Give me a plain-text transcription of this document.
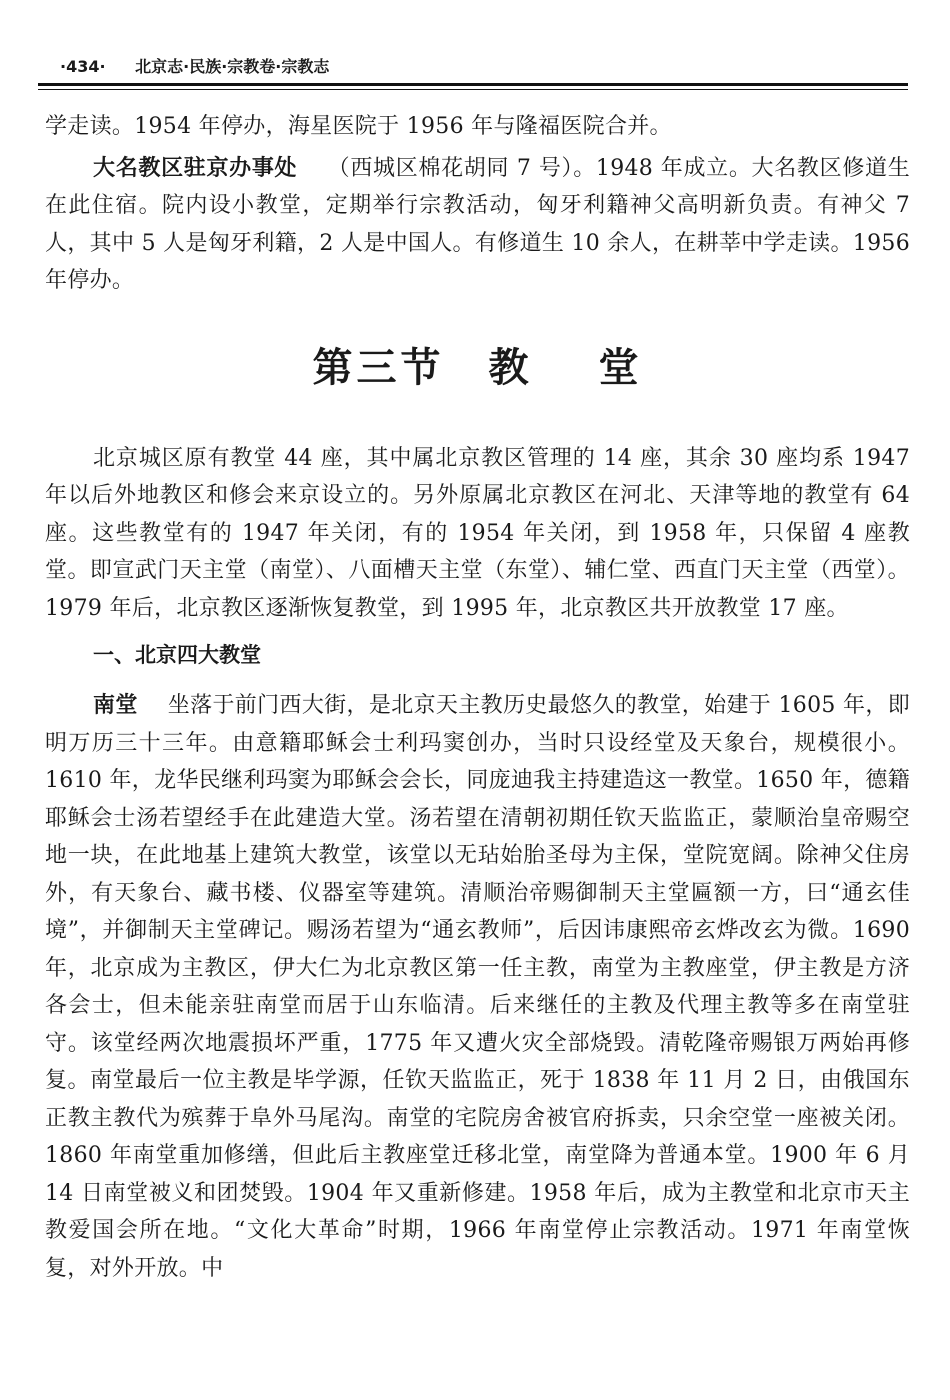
·434· 北京志·民族·宗教卷·宗教志

学走读。1954 年停办，海星医院于 1956 年与隆福医院合并。

大名教区驻京办事处 （西城区棉花胡同 7 号）。1948 年成立。大名教区修道生在此住宿。院内设小教堂，定期举行宗教活动，匈牙利籍神父高明新负责。有神父 7 人，其中 5 人是匈牙利籍，2 人是中国人。有修道生 10 余人，在耕莘中学走读。1956 年停办。

第三节 教 堂

北京城区原有教堂 44 座，其中属北京教区管理的 14 座，其余 30 座均系 1947 年以后外地教区和修会来京设立的。另外原属北京教区在河北、天津等地的教堂有 64 座。这些教堂有的 1947 年关闭，有的 1954 年关闭，到 1958 年，只保留 4 座教堂。即宣武门天主堂（南堂）、八面槽天主堂（东堂）、辅仁堂、西直门天主堂（西堂）。1979 年后，北京教区逐渐恢复教堂，到 1995 年，北京教区共开放教堂 17 座。

一、北京四大教堂

南堂 坐落于前门西大街，是北京天主教历史最悠久的教堂，始建于 1605 年，即明万历三十三年。由意籍耶稣会士利玛窦创办，当时只设经堂及天象台，规模很小。1610 年，龙华民继利玛窦为耶稣会会长，同庞迪我主持建造这一教堂。1650 年，德籍耶稣会士汤若望经手在此建造大堂。汤若望在清朝初期任钦天监监正，蒙顺治皇帝赐空地一块，在此地基上建筑大教堂，该堂以无玷始胎圣母为主保，堂院宽阔。除神父住房外，有天象台、藏书楼、仪器室等建筑。清顺治帝赐御制天主堂匾额一方，曰“通玄佳境”，并御制天主堂碑记。赐汤若望为“通玄教师”，后因讳康熙帝玄烨改玄为微。1690 年，北京成为主教区，伊大仁为北京教区第一任主教，南堂为主教座堂，伊主教是方济各会士，但未能亲驻南堂而居于山东临清。后来继任的主教及代理主教等多在南堂驻守。该堂经两次地震损坏严重，1775 年又遭火灾全部烧毁。清乾隆帝赐银万两始再修复。南堂最后一位主教是毕学源，任钦天监监正，死于 1838 年 11 月 2 日，由俄国东正教主教代为殡葬于阜外马尾沟。南堂的宅院房舍被官府拆卖，只余空堂一座被关闭。1860 年南堂重加修缮，但此后主教座堂迁移北堂，南堂降为普通本堂。1900 年 6 月 14 日南堂被义和团焚毁。1904 年又重新修建。1958 年后，成为主教堂和北京市天主教爱国会所在地。“文化大革命”时期，1966 年南堂停止宗教活动。1971 年南堂恢复，对外开放。中
